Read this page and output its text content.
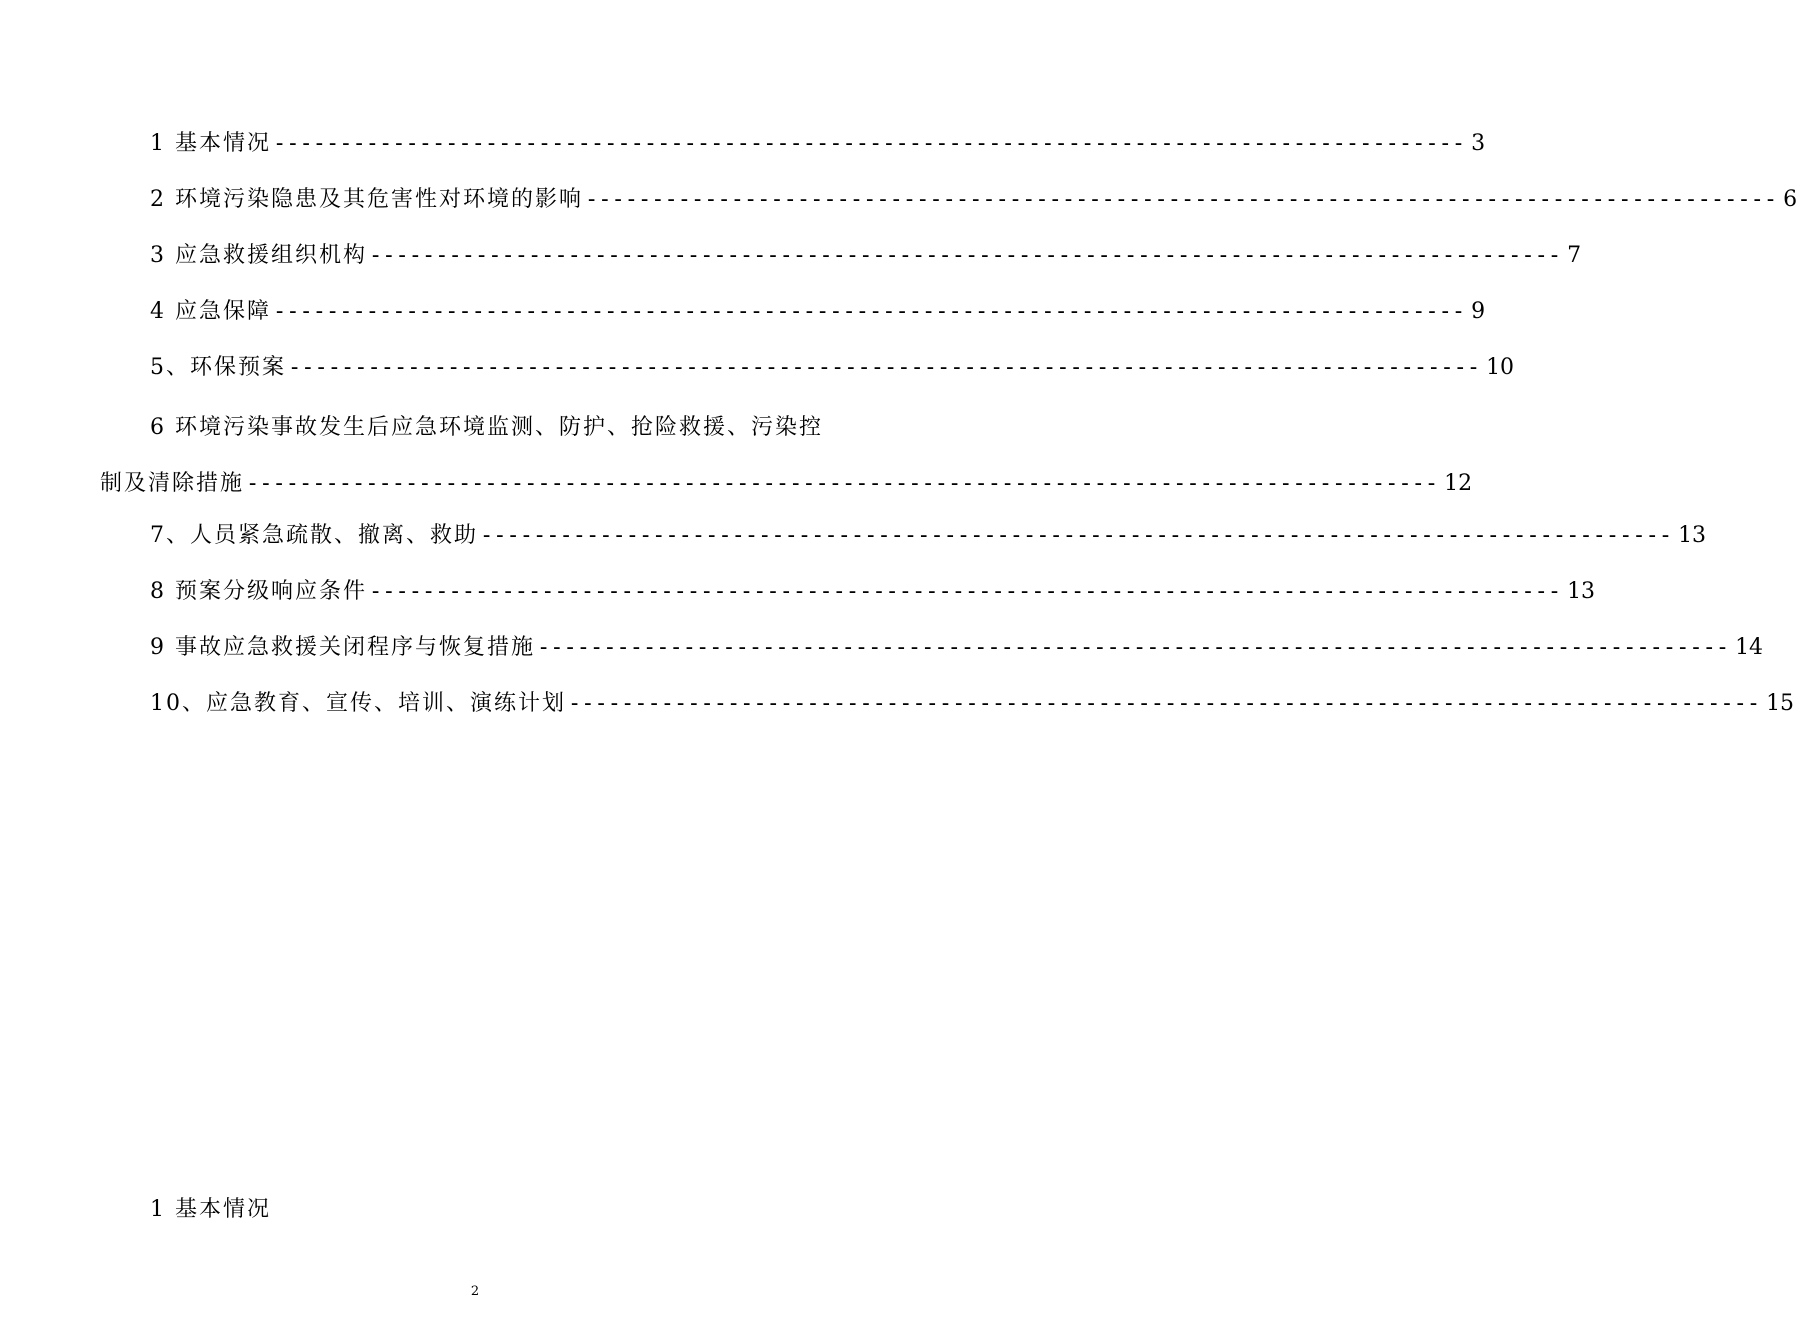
1 基本情况 ------------------------------------------------------------------------------------------ 3
2 环境污染隐患及其危害性对环境的影响 ------------------------------------------------------------------------------------------ 6
3 应急救援组织机构 ------------------------------------------------------------------------------------------ 7
4 应急保障 ------------------------------------------------------------------------------------------ 9
5、环保预案 ------------------------------------------------------------------------------------------ 10
6 环境污染事故发生后应急环境监测、防护、抢险救援、污染控
制及清除措施 ------------------------------------------------------------------------------------------ 12
7、人员紧急疏散、撤离、救助 ------------------------------------------------------------------------------------------ 13
8 预案分级响应条件 ------------------------------------------------------------------------------------------ 13
9 事故应急救援关闭程序与恢复措施 ------------------------------------------------------------------------------------------ 14
10、应急教育、宣传、培训、演练计划 ------------------------------------------------------------------------------------------ 15
1 基本情况
2
